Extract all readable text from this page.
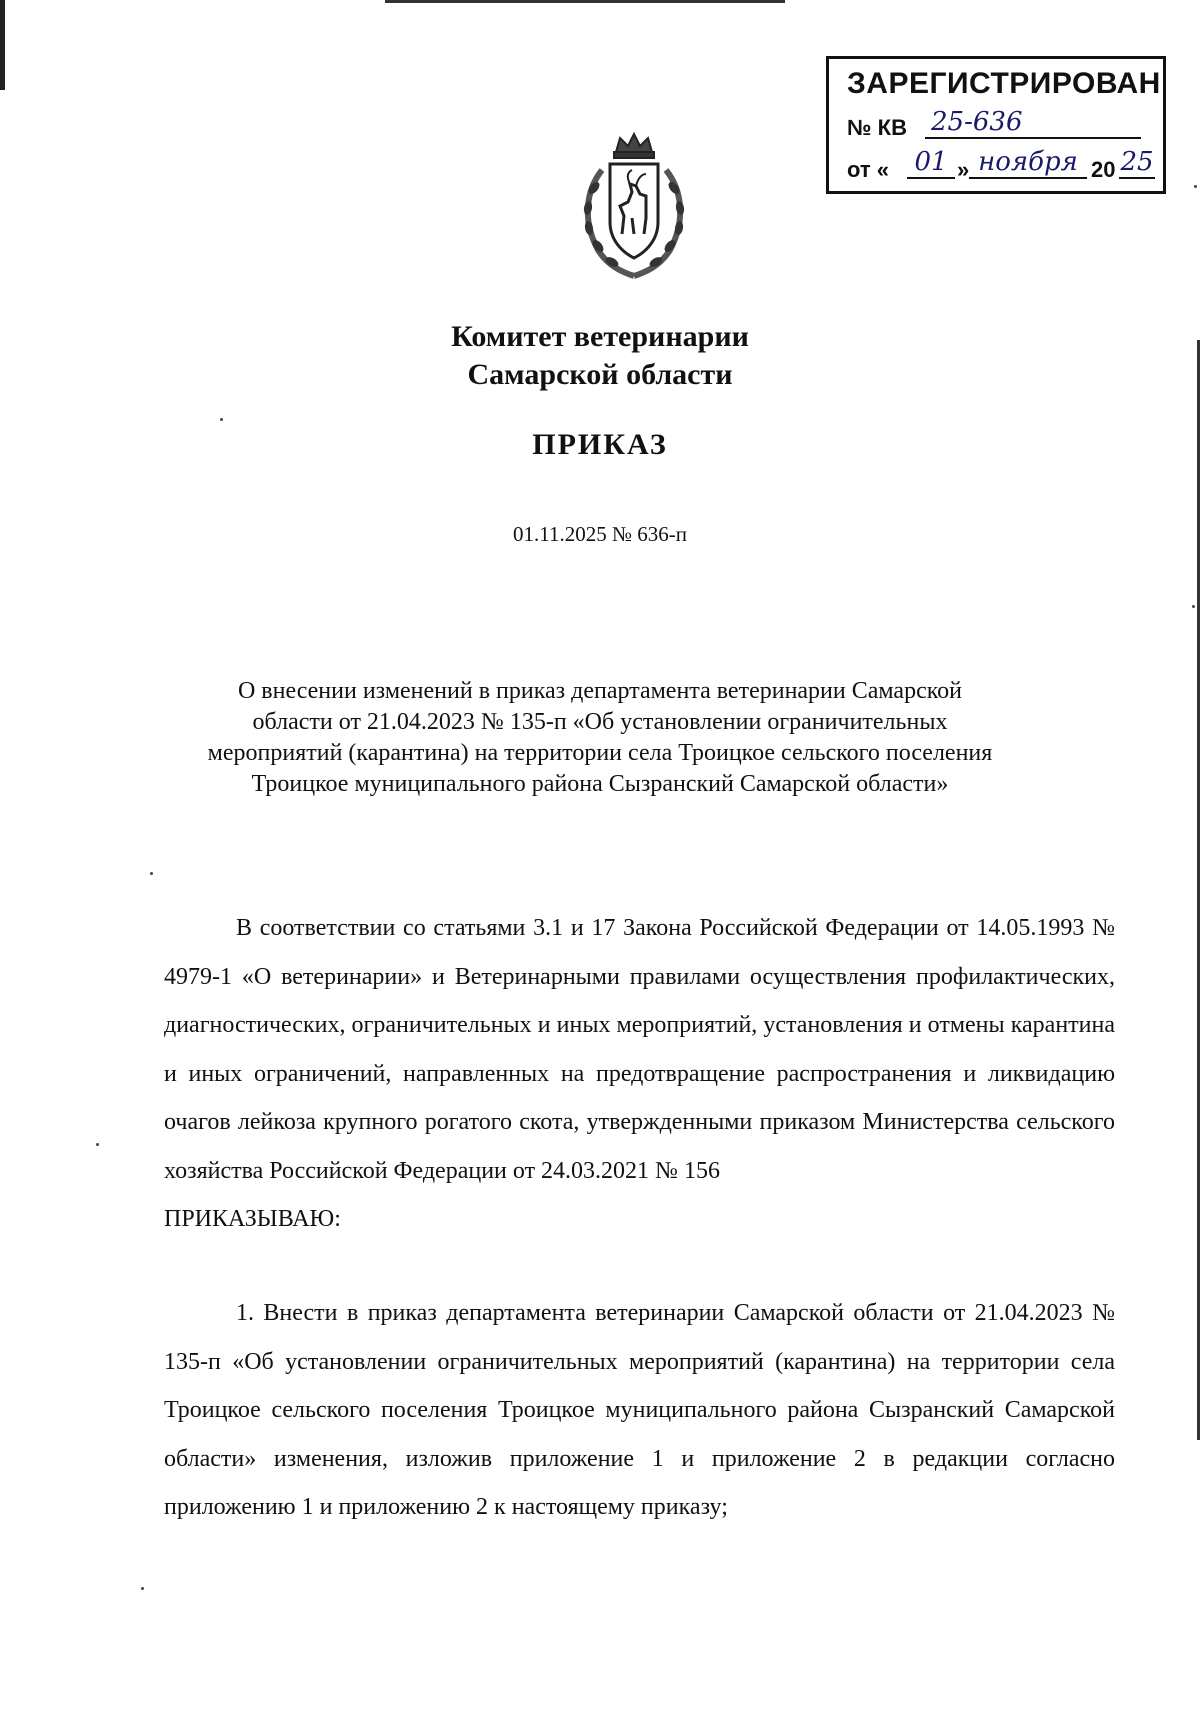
ЗАРЕГИСТРИРОВАН
№ КВ 25-636
от « 01 » ноября 20 25
Комитет ветеринарии
Самарской области
ПРИКАЗ
01.11.2025 № 636-п
О внесении изменений в приказ департамента ветеринарии Самарской
области от 21.04.2023 № 135-п «Об установлении ограничительных
мероприятий (карантина) на территории села Троицкое сельского поселения
Троицкое муниципального района Сызранский Самарской области»
В соответствии со статьями 3.1 и 17 Закона Российской Федерации от 14.05.1993 № 4979-1 «О ветеринарии» и Ветеринарными правилами осуществления профилактических, диагностических, ограничительных и иных мероприятий, установления и отмены карантина и иных ограничений, направленных на предотвращение распространения и ликвидацию очагов лейкоза крупного рогатого скота, утвержденными приказом Министерства сельского хозяйства Российской Федерации от 24.03.2021 № 156
ПРИКАЗЫВАЮ:
1. Внести в приказ департамента ветеринарии Самарской области от 21.04.2023 № 135-п «Об установлении ограничительных мероприятий (карантина) на территории села Троицкое сельского поселения Троицкое муниципального района Сызранский Самарской области» изменения, изложив приложение 1 и приложение 2 в редакции согласно приложению 1 и приложению 2 к настоящему приказу;
